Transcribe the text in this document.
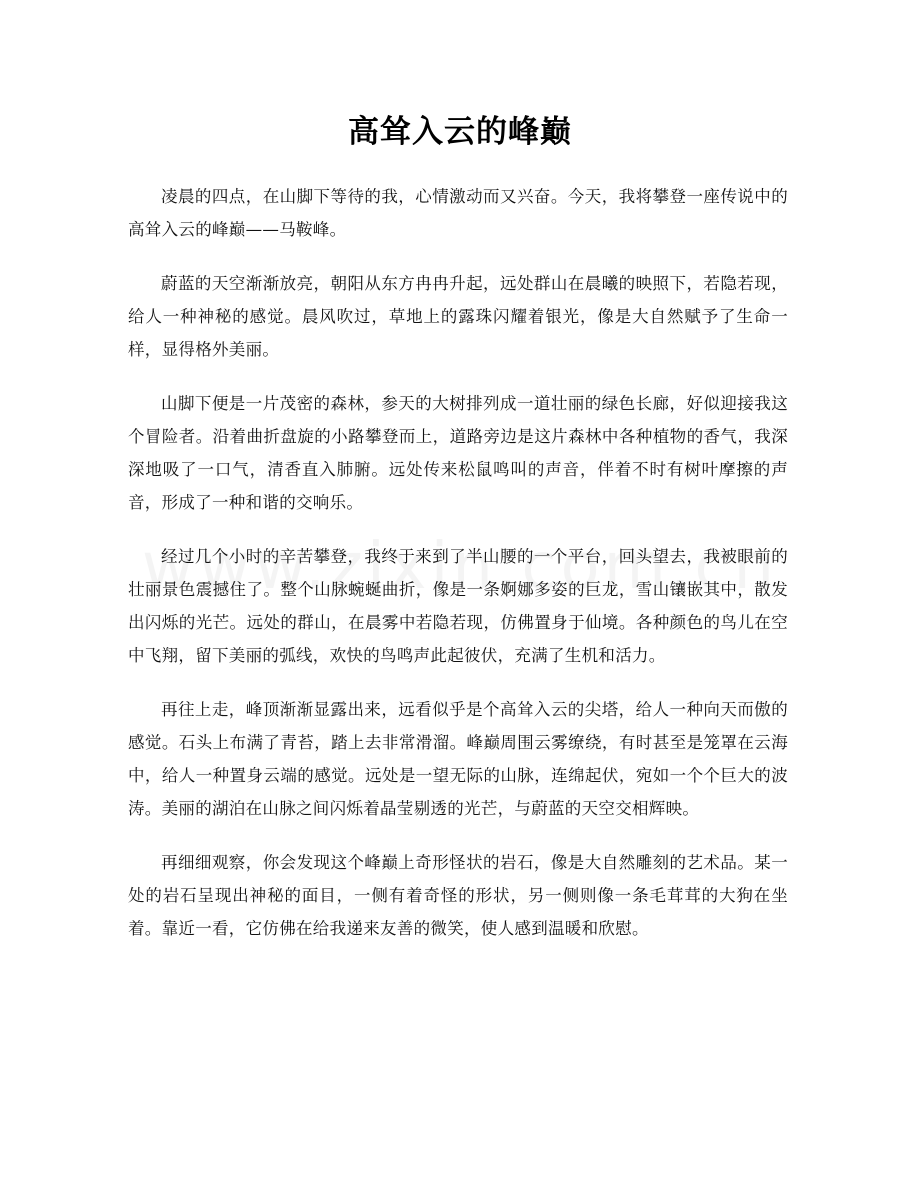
高耸入云的峰巅

凌晨的四点，在山脚下等待的我，心情激动而又兴奋。今天，我将攀登一座传说中的高耸入云的峰巅——马鞍峰。

蔚蓝的天空渐渐放亮，朝阳从东方冉冉升起，远处群山在晨曦的映照下，若隐若现，给人一种神秘的感觉。晨风吹过，草地上的露珠闪耀着银光，像是大自然赋予了生命一样，显得格外美丽。

山脚下便是一片茂密的森林，参天的大树排列成一道壮丽的绿色长廊，好似迎接我这个冒险者。沿着曲折盘旋的小路攀登而上，道路旁边是这片森林中各种植物的香气，我深深地吸了一口气，清香直入肺腑。远处传来松鼠鸣叫的声音，伴着不时有树叶摩擦的声音，形成了一种和谐的交响乐。

经过几个小时的辛苦攀登，我终于来到了半山腰的一个平台，回头望去，我被眼前的壮丽景色震撼住了。整个山脉蜿蜒曲折，像是一条婀娜多姿的巨龙，雪山镶嵌其中，散发出闪烁的光芒。远处的群山，在晨雾中若隐若现，仿佛置身于仙境。各种颜色的鸟儿在空中飞翔，留下美丽的弧线，欢快的鸟鸣声此起彼伏，充满了生机和活力。

再往上走，峰顶渐渐显露出来，远看似乎是个高耸入云的尖塔，给人一种向天而傲的感觉。石头上布满了青苔，踏上去非常滑溜。峰巅周围云雾缭绕，有时甚至是笼罩在云海中，给人一种置身云端的感觉。远处是一望无际的山脉，连绵起伏，宛如一个个巨大的波涛。美丽的湖泊在山脉之间闪烁着晶莹剔透的光芒，与蔚蓝的天空交相辉映。

再细细观察，你会发现这个峰巅上奇形怪状的岩石，像是大自然雕刻的艺术品。某一处的岩石呈现出神秘的面目，一侧有着奇怪的形状，另一侧则像一条毛茸茸的大狗在坐着。靠近一看，它仿佛在给我递来友善的微笑，使人感到温暖和欣慰。
